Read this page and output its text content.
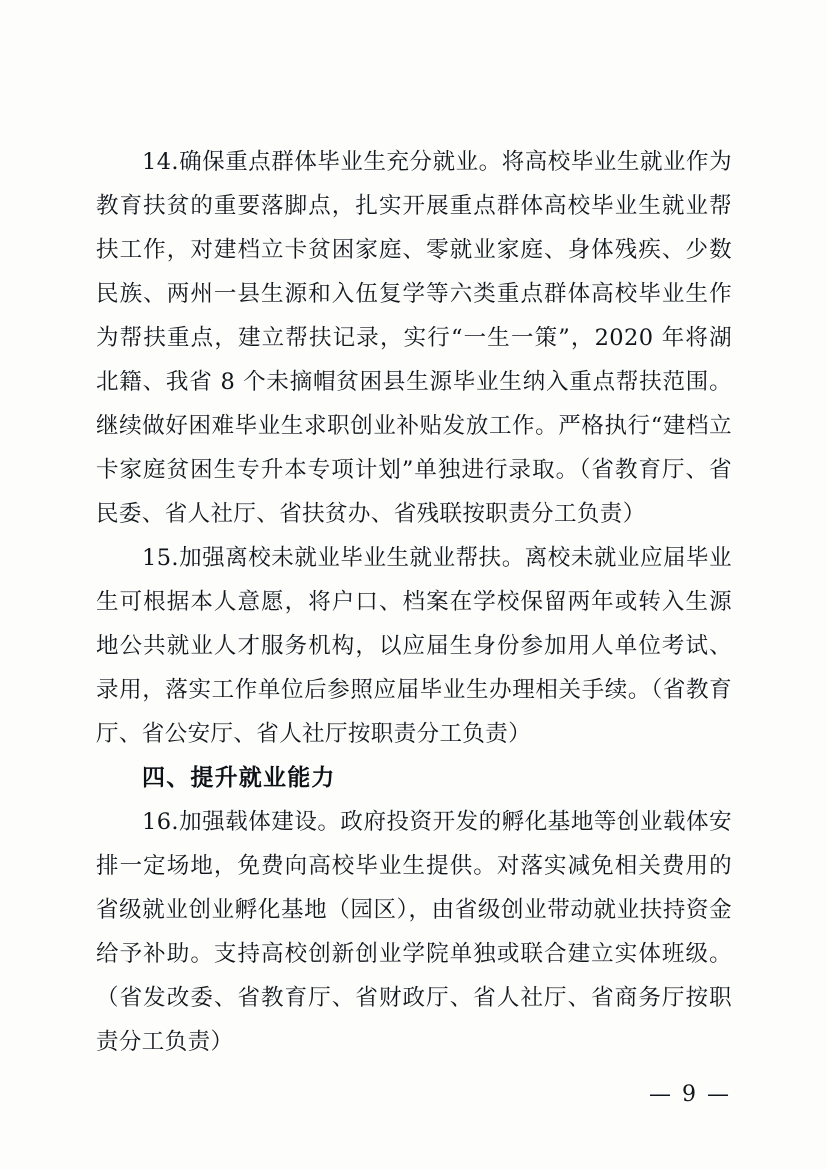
14.确保重点群体毕业生充分就业。将高校毕业生就业作为教育扶贫的重要落脚点，扎实开展重点群体高校毕业生就业帮扶工作，对建档立卡贫困家庭、零就业家庭、身体残疾、少数民族、两州一县生源和入伍复学等六类重点群体高校毕业生作为帮扶重点，建立帮扶记录，实行“一生一策”，2020 年将湖北籍、我省 8 个未摘帽贫困县生源毕业生纳入重点帮扶范围。继续做好困难毕业生求职创业补贴发放工作。严格执行“建档立卡家庭贫困生专升本专项计划”单独进行录取。（省教育厅、省民委、省人社厅、省扶贫办、省残联按职责分工负责）

15.加强离校未就业毕业生就业帮扶。离校未就业应届毕业生可根据本人意愿，将户口、档案在学校保留两年或转入生源地公共就业人才服务机构，以应届生身份参加用人单位考试、录用，落实工作单位后参照应届毕业生办理相关手续。（省教育厅、省公安厅、省人社厅按职责分工负责）

四、提升就业能力

16.加强载体建设。政府投资开发的孵化基地等创业载体安排一定场地，免费向高校毕业生提供。对落实减免相关费用的省级就业创业孵化基地（园区），由省级创业带动就业扶持资金给予补助。支持高校创新创业学院单独或联合建立实体班级。（省发改委、省教育厅、省财政厅、省人社厅、省商务厅按职责分工负责）

— 9 —
